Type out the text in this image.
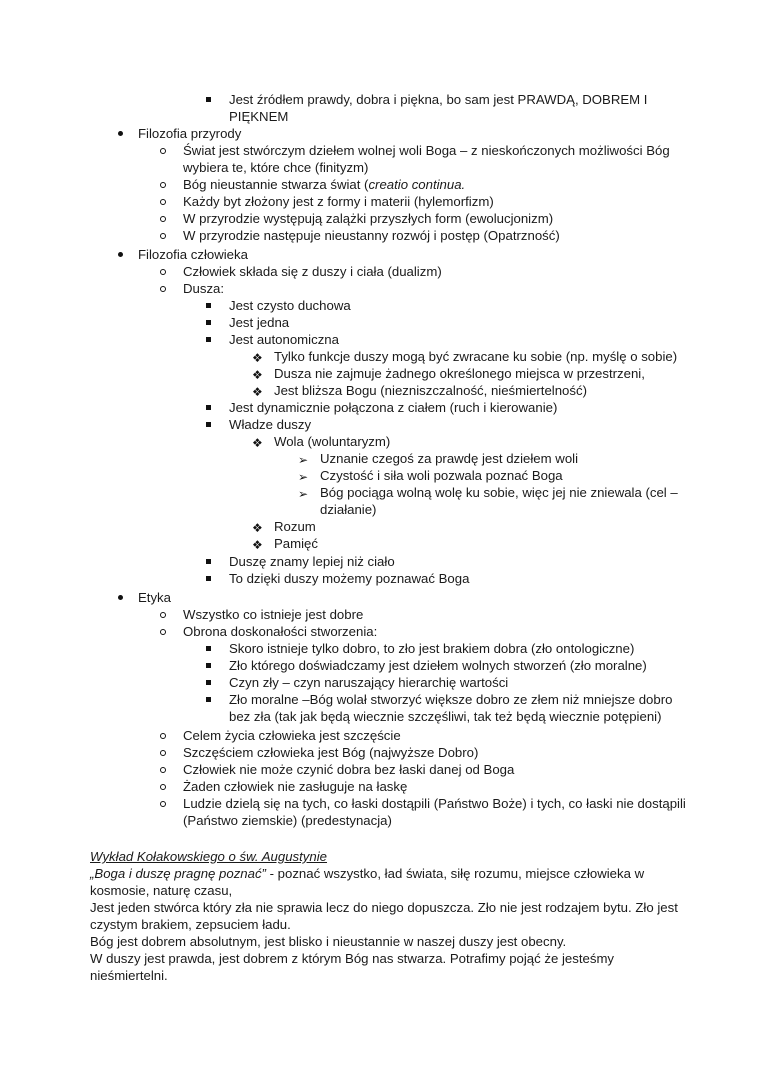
❖
❖
❖
❖
➢
➢
➢
❖
❖
Jest źródłem prawdy, dobra i piękna, bo sam jest PRAWDĄ, DOBREM I
PIĘKNEM
Filozofia przyrody
Świat jest stwórczym dziełem wolnej woli Boga – z nieskończonych możliwości Bóg
wybiera te, które chce (finityzm)
Bóg nieustannie stwarza świat (creatio continua.
Każdy byt złożony jest z formy i materii (hylemorfizm)
W przyrodzie występują zalążki przyszłych form (ewolucjonizm)
W przyrodzie następuje nieustanny rozwój i postęp (Opatrzność)
Filozofia człowieka
Człowiek składa się z duszy i ciała (dualizm)
Dusza:
Jest czysto duchowa
Jest jedna
Jest autonomiczna
Tylko funkcje duszy mogą być zwracane ku sobie (np. myślę o sobie)
Dusza nie zajmuje żadnego określonego miejsca w przestrzeni,
Jest bliższa Bogu (niezniszczalność, nieśmiertelność)
Jest dynamicznie połączona z ciałem (ruch i kierowanie)
Władze duszy
Wola (woluntaryzm)
Uznanie czegoś za prawdę jest dziełem woli
Czystość i siła woli pozwala poznać Boga
Bóg pociąga wolną wolę ku sobie, więc jej nie zniewala (cel –
działanie)
Rozum
Pamięć
Duszę znamy lepiej niż ciało
To dzięki duszy możemy poznawać Boga
Etyka
Wszystko co istnieje jest dobre
Obrona doskonałości stworzenia:
Skoro istnieje tylko dobro, to zło jest brakiem dobra (zło ontologiczne)
Zło którego doświadczamy jest dziełem wolnych stworzeń (zło moralne)
Czyn zły – czyn naruszający hierarchię wartości
Zło moralne –Bóg wolał stworzyć większe dobro ze złem niż mniejsze dobro
bez zła (tak jak będą wiecznie szczęśliwi, tak też będą wiecznie potępieni)
Celem życia człowieka jest szczęście
Szczęściem człowieka jest Bóg (najwyższe Dobro)
Człowiek nie może czynić dobra bez łaski danej od Boga
Żaden człowiek nie zasługuje na łaskę
Ludzie dzielą się na tych, co łaski dostąpili (Państwo Boże) i tych, co łaski nie dostąpili
(Państwo ziemskie) (predestynacja)
Wykład Kołakowskiego o św. Augustynie
„Boga i duszę pragnę poznać” - poznać wszystko, ład świata, siłę rozumu, miejsce człowieka w
kosmosie, naturę czasu,
Jest jeden stwórca który zła nie sprawia lecz do niego dopuszcza. Zło nie jest rodzajem bytu. Zło jest
czystym brakiem, zepsuciem ładu.
Bóg jest dobrem absolutnym, jest blisko i nieustannie w naszej duszy jest obecny.
W duszy jest prawda, jest dobrem z którym Bóg nas stwarza. Potrafimy pojąć że jesteśmy
nieśmiertelni.
